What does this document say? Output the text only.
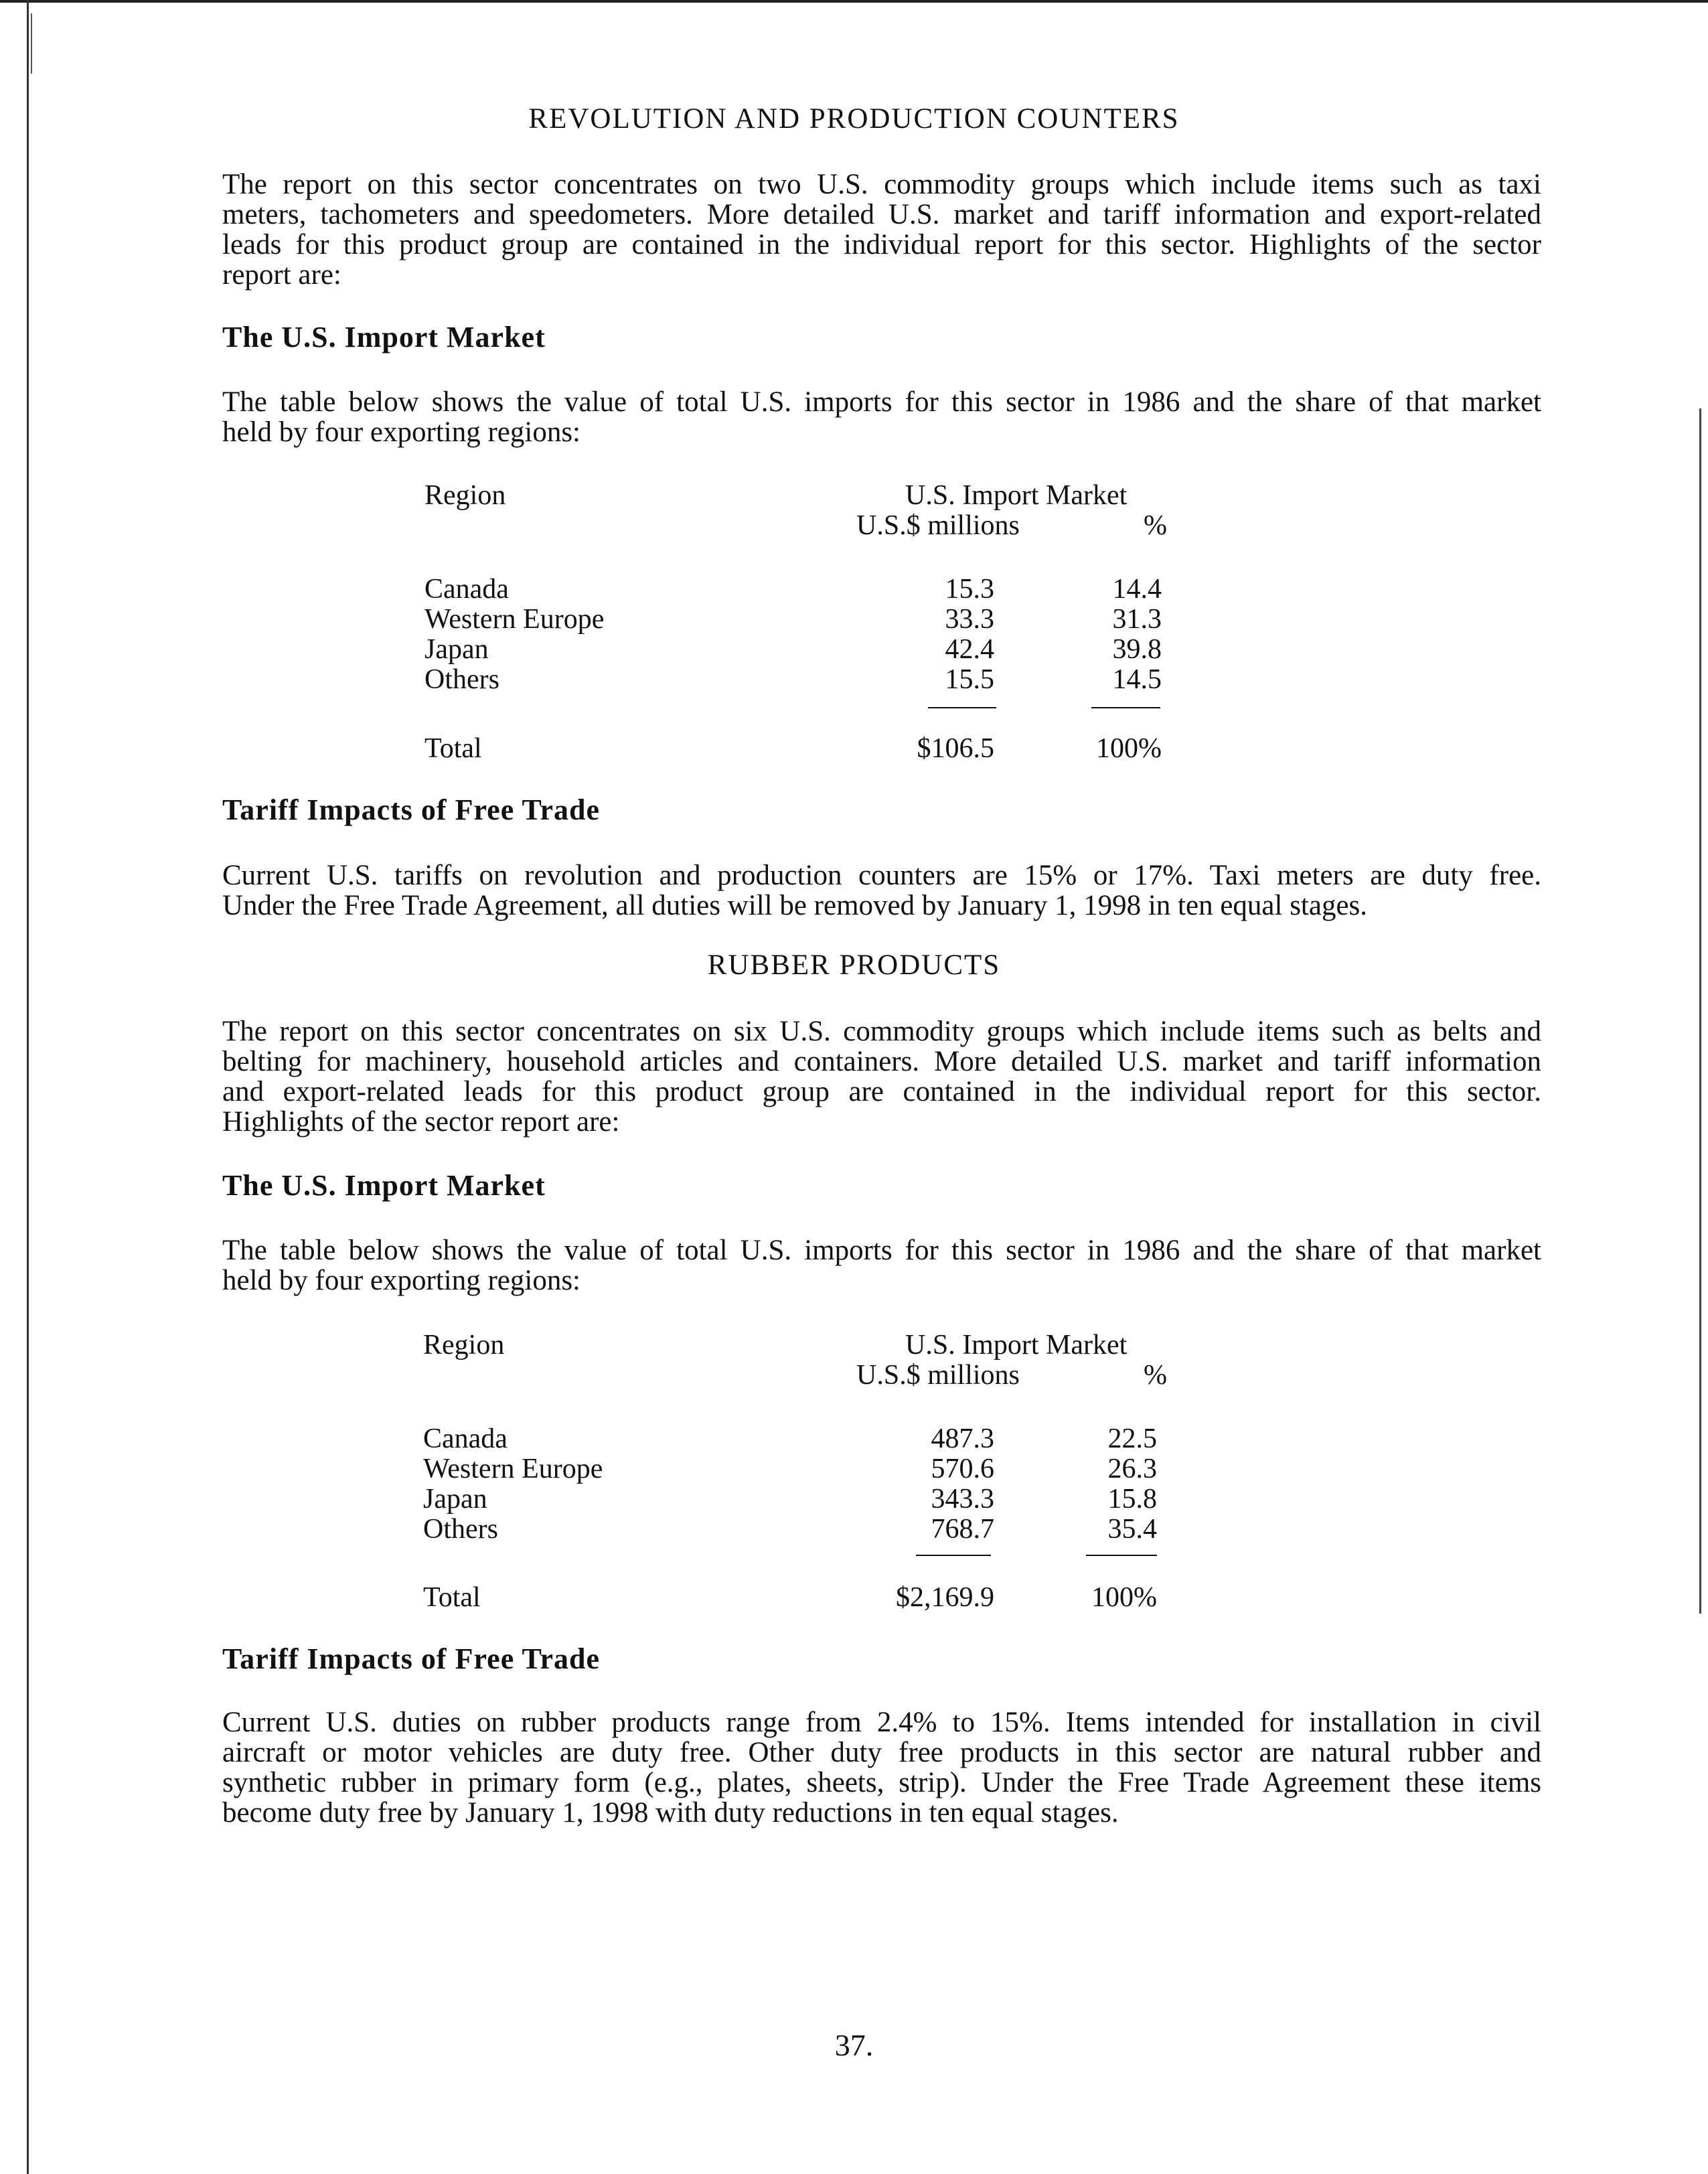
REVOLUTION AND PRODUCTION COUNTERS
The report on this sector concentrates on two U.S. commodity groups which include items such as taxi
meters, tachometers and speedometers. More detailed U.S. market and tariff information and export-related
leads for this product group are contained in the individual report for this sector. Highlights of the sector
report are:
The U.S. Import Market
The table below shows the value of total U.S. imports for this sector in 1986 and the share of that market
held by four exporting regions:
Region	U.S. Import Market
U.S.$ millions	%
Canada	15.3	14.4
Western Europe	33.3	31.3
Japan	42.4	39.8
Others	15.5	14.5
Total	$106.5	100%
Tariff Impacts of Free Trade
Current U.S. tariffs on revolution and production counters are 15% or 17%. Taxi meters are duty free.
Under the Free Trade Agreement, all duties will be removed by January 1, 1998 in ten equal stages.
RUBBER PRODUCTS
The report on this sector concentrates on six U.S. commodity groups which include items such as belts and
belting for machinery, household articles and containers. More detailed U.S. market and tariff information
and export-related leads for this product group are contained in the individual report for this sector.
Highlights of the sector report are:
The U.S. Import Market
The table below shows the value of total U.S. imports for this sector in 1986 and the share of that market
held by four exporting regions:
Region	U.S. Import Market
U.S.$ millions	%
Canada	487.3	22.5
Western Europe	570.6	26.3
Japan	343.3	15.8
Others	768.7	35.4
Total	$2,169.9	100%
Tariff Impacts of Free Trade
Current U.S. duties on rubber products range from 2.4% to 15%. Items intended for installation in civil
aircraft or motor vehicles are duty free. Other duty free products in this sector are natural rubber and
synthetic rubber in primary form (e.g., plates, sheets, strip). Under the Free Trade Agreement these items
become duty free by January 1, 1998 with duty reductions in ten equal stages.
37.
